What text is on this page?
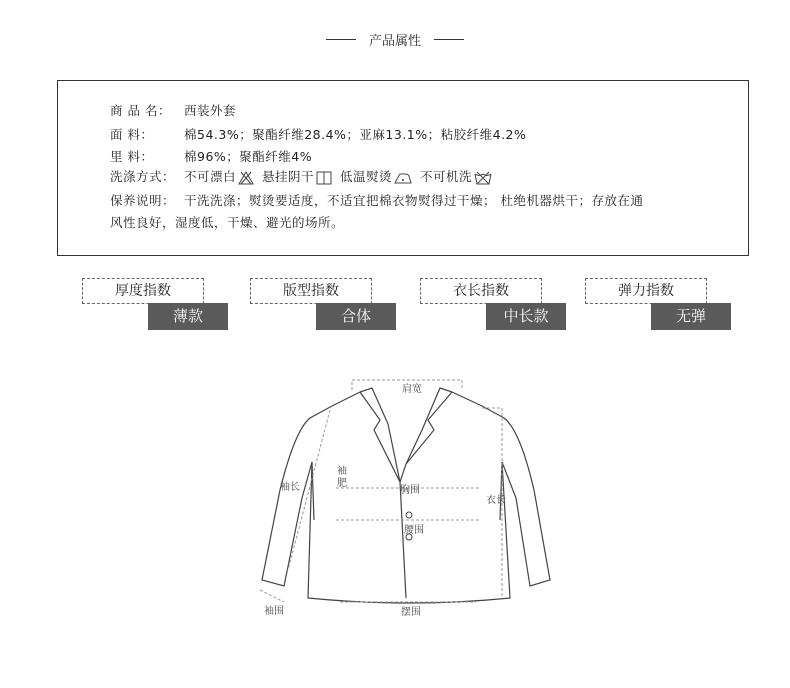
产品属性
商 品 名： 西装外套
面 料： 棉54.3%；聚酯纤维28.4%；亚麻13.1%；粘胶纤维4.2%
里 料： 棉96%；聚酯纤维4%
洗涤方式： 不可漂白 悬挂阴干 低温熨烫 不可机洗
保养说明： 干洗洗涤；熨烫要适度，不适宜把棉衣物熨得过干燥； 杜绝机器烘干；存放在通
风性良好，湿度低，干燥、避光的场所。
厚度指数
薄款
版型指数
合体
衣长指数
中长款
弹力指数
无弹
肩宽
袖长
袖肥
胸围
腰围
衣长
袖围	摆围
